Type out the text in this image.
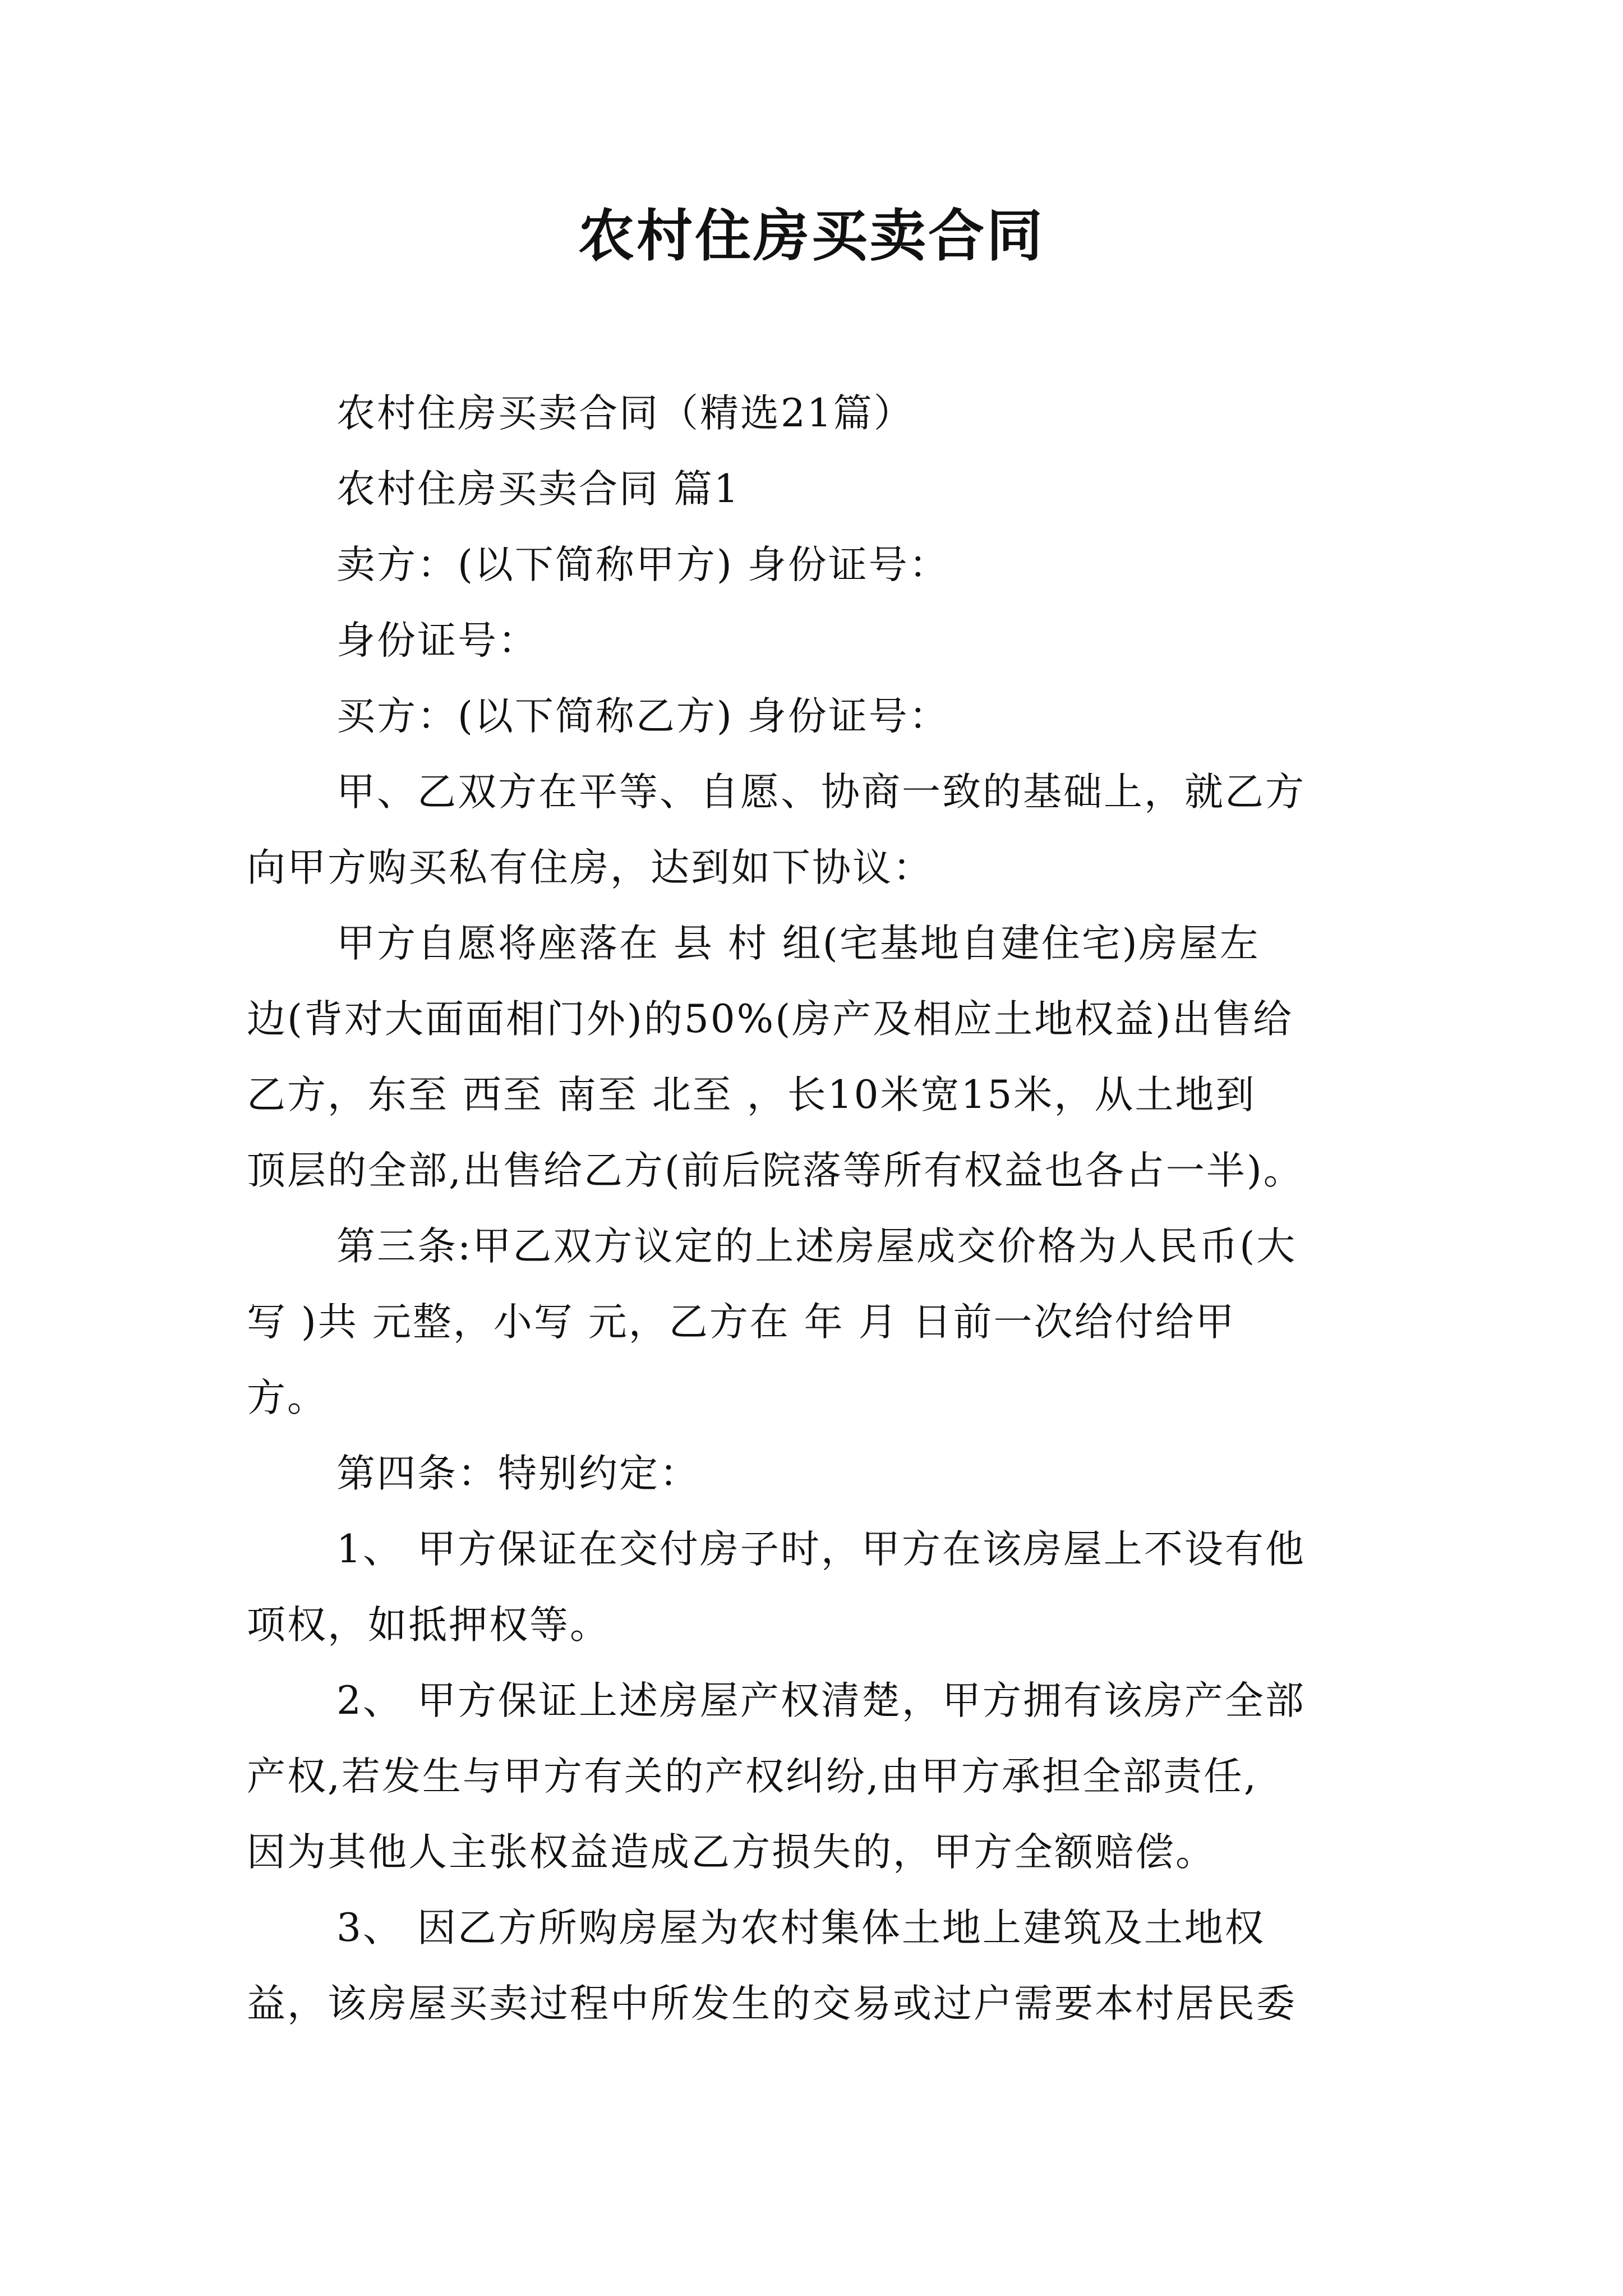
农村住房买卖合同
农村住房买卖合同（精选21篇）
农村住房买卖合同 篇1
卖方：(以下简称甲方) 身份证号：
身份证号：
买方：(以下简称乙方) 身份证号：
甲、乙双方在平等、自愿、协商一致的基础上，就乙方
向甲方购买私有住房，达到如下协议：
甲方自愿将座落在 县 村 组(宅基地自建住宅)房屋左
边(背对大面面相门外)的50%(房产及相应土地权益)出售给
乙方，东至 西至 南至 北至 ，长10米宽15米，从土地到
顶层的全部,出售给乙方(前后院落等所有权益也各占一半)。
第三条:甲乙双方议定的上述房屋成交价格为人民币(大
写 )共 元整，小写 元，乙方在 年 月 日前一次给付给甲
方。
第四条：特别约定：
1、 甲方保证在交付房子时，甲方在该房屋上不设有他
项权，如抵押权等。
2、 甲方保证上述房屋产权清楚，甲方拥有该房产全部
产权,若发生与甲方有关的产权纠纷,由甲方承担全部责任,
因为其他人主张权益造成乙方损失的，甲方全额赔偿。
3、 因乙方所购房屋为农村集体土地上建筑及土地权
益，该房屋买卖过程中所发生的交易或过户需要本村居民委
